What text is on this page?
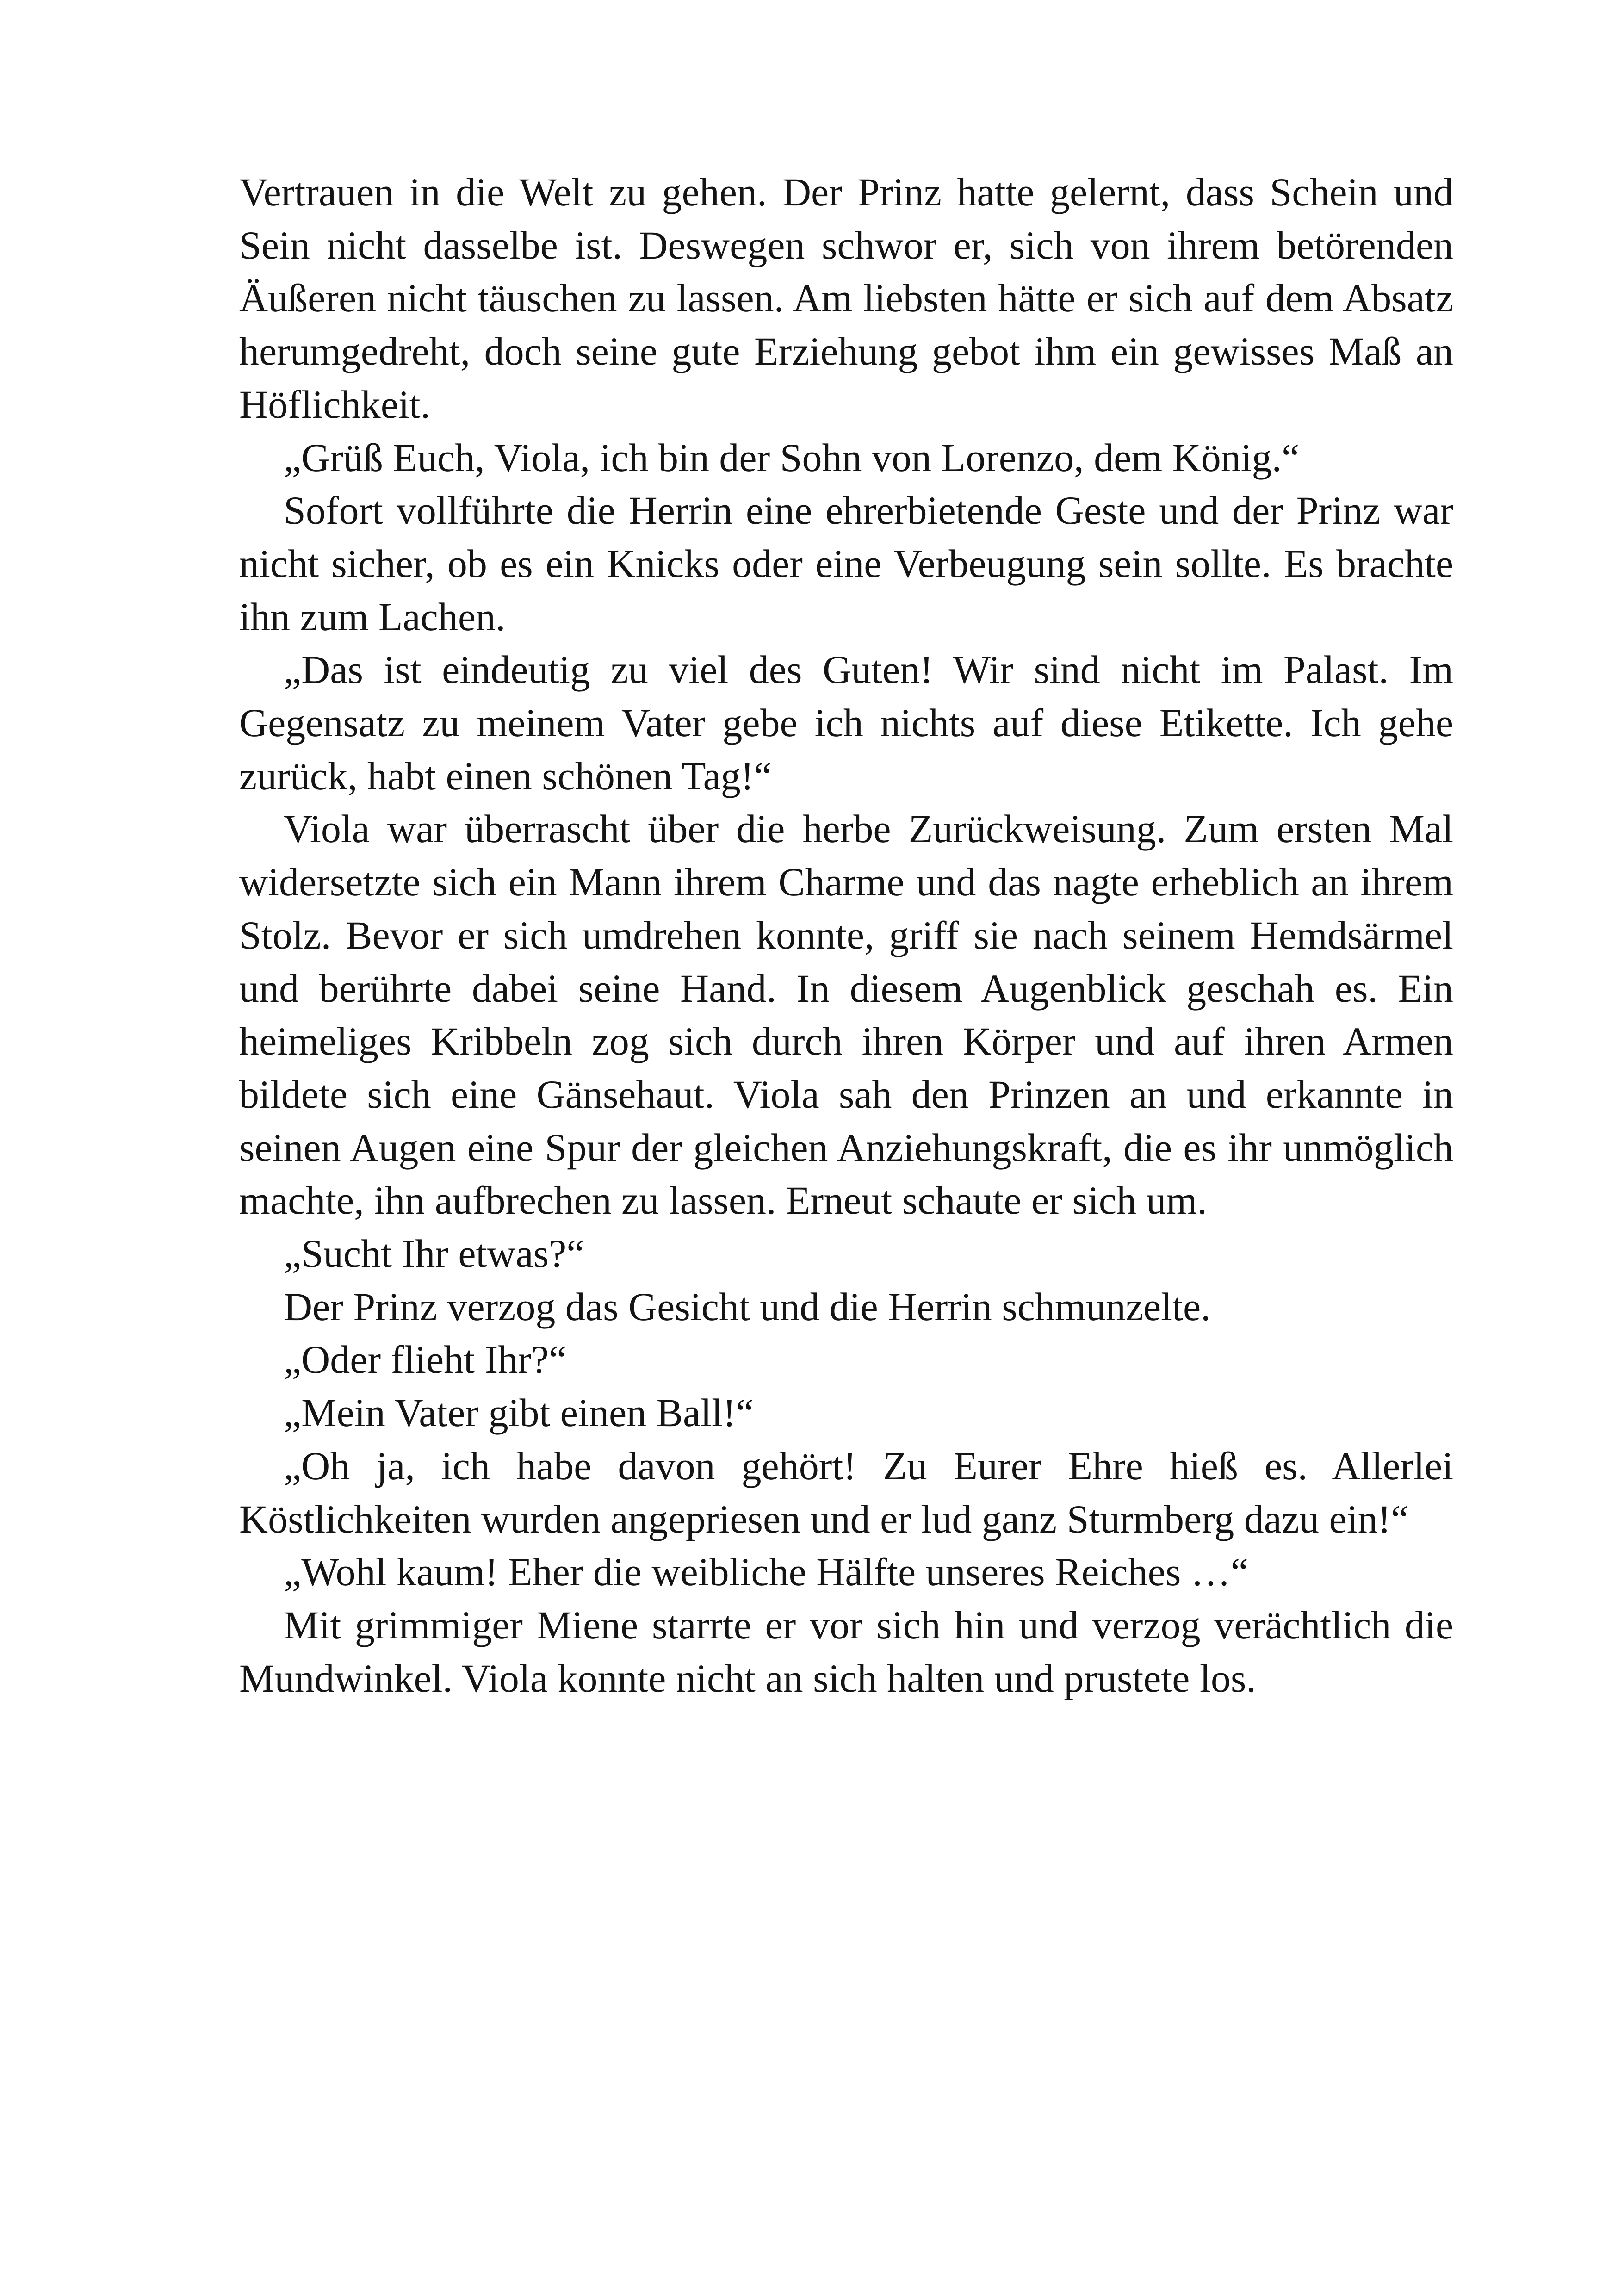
Vertrauen in die Welt zu gehen. Der Prinz hatte gelernt, dass Schein und Sein nicht dasselbe ist. Deswegen schwor er, sich von ihrem betörenden Äußeren nicht täuschen zu lassen. Am liebsten hätte er sich auf dem Absatz herumgedreht, doch seine gute Erziehung gebot ihm ein gewisses Maß an Höflichkeit.

„Grüß Euch, Viola, ich bin der Sohn von Lorenzo, dem König.“

Sofort vollführte die Herrin eine ehrerbietende Geste und der Prinz war nicht sicher, ob es ein Knicks oder eine Verbeugung sein sollte. Es brachte ihn zum Lachen.

„Das ist eindeutig zu viel des Guten! Wir sind nicht im Palast. Im Gegensatz zu meinem Vater gebe ich nichts auf diese Etikette. Ich gehe zurück, habt einen schönen Tag!“

Viola war überrascht über die herbe Zurückweisung. Zum ersten Mal widersetzte sich ein Mann ihrem Charme und das nagte erheblich an ihrem Stolz. Bevor er sich umdrehen konnte, griff sie nach seinem Hemdsärmel und berührte dabei seine Hand. In diesem Augenblick geschah es. Ein heimeliges Kribbeln zog sich durch ihren Körper und auf ihren Armen bildete sich eine Gänsehaut. Viola sah den Prinzen an und erkannte in seinen Augen eine Spur der gleichen Anziehungskraft, die es ihr unmöglich machte, ihn aufbrechen zu lassen. Erneut schaute er sich um.

„Sucht Ihr etwas?“

Der Prinz verzog das Gesicht und die Herrin schmunzelte.

„Oder flieht Ihr?“

„Mein Vater gibt einen Ball!“

„Oh ja, ich habe davon gehört! Zu Eurer Ehre hieß es. Allerlei Köstlichkeiten wurden angepriesen und er lud ganz Sturmberg dazu ein!“

„Wohl kaum! Eher die weibliche Hälfte unseres Reiches …“

Mit grimmiger Miene starrte er vor sich hin und verzog verächtlich die Mundwinkel. Viola konnte nicht an sich halten und prustete los.
